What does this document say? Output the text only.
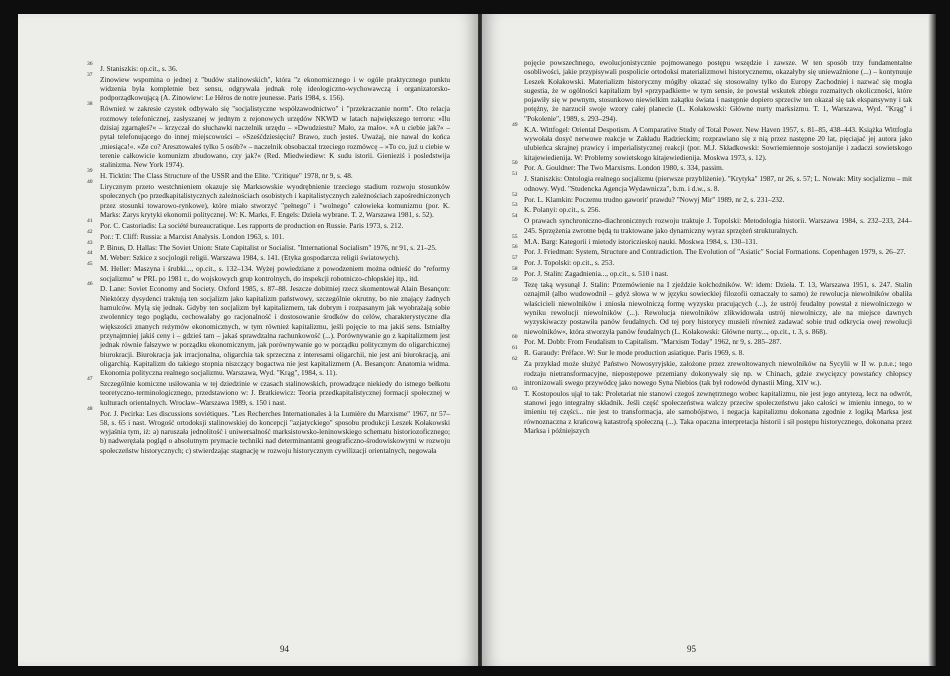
36 J. Staniszkis: op.cit., s. 36.
37 Zinowiew wspomina o jednej z "budów stalinowskich", która "z ekonomicznego i w ogóle praktycznego punktu widzenia była kompletnie bez sensu, odgrywała jednak rolę ideologiczno-wychowawczą i organizatorsko-podporządkowującą (A. Zinowiew: Le Héros de notre jeunesse. Paris 1984, s. 156).
38 Również w zakresie czystek odbywało się "socjalistyczne współzawodnictwo" i "przekraczanie norm". Oto relacja rozmowy telefonicznej, zasłyszanej w jednym z rejonowych urzędów NKWD w latach największego terroru: »Ilu dzisiaj zgarnąłeś?« – krzyczał do słuchawki naczelnik urzędu – »Dwudziestu? Mało, za mało«. »A u ciebie jak?« – pytał telefonującego do innej miejscowości – »Sześćdziesięciu? Brawo, zuch jesteś. Uważaj, nie nawal do końca ,miesiąca!«. »Ze co? Aresztowałeś tylko 5 osób?« – naczelnik obsobaczał trzeciego rozmówcę – »To co, już u ciebie w terenie całkowicie komunizm zbudowano, czy jak?« (Red. Miedwiediew: K sudu istorii. Gienieziś i posledstwija stalinizma. New York 1974).
39 H. Ticktin: The Class Structure of the USSR and the Elite. "Critique" 1978, nr 9, s. 48.
40 Lirycznym przeto westchnieniem okazuje się Marksowskie wyodrębnienie trzeciego stadium rozwoju stosunków społecznych (po przedkapitalistycznych zależnościach osobistych i kapitalistycznych zależnościach zapośredniczonych przez stosunki towarowo-rynkowe), które miało stworzyć "pełnego" i "wolnego" człowieka komunizmu (por. K. Marks: Zarys krytyki ekonomii politycznej. W: K. Marks, F. Engels: Dzieła wybrane. T. 2, Warszawa 1981, s. 52).
41 Por. C. Castoriadis: La société bureaucratique. Les rapports de production en Russie. Paris 1973, s. 212.
42 Por.: T. Cliff: Russia: a Marxist Analysis. London 1963, s. 101.
43 P. Binus, D. Hallas: The Soviet Union: State Capitalist or Socialist. "International Socialism" 1976, nr 91, s. 21–25.
44 M. Weber: Szkice z socjologii religii. Warszawa 1984, s. 141. (Etyka gospodarcza religii światowych).
45 M. Heller: Maszyna i śrubki..., op.cit., s. 132–134. Wyżej powiedziane z powodzeniem można odnieść do "reformy socjalizmu" w PRL po 1981 r., do wojskowych grup kontrolnych, do inspekcji robotniczo-chłopskiej itp., itd.
46 D. Lane: Soviet Economy and Society. Oxford 1985, s. 87–88. Jeszcze dobitniej rzecz skomentował Alain Besançon: Niektórzy dysydenci traktują ten socjalizm jako kapitalizm państwowy, szczególnie okrutny, bo nie znający żadnych hamulców. Mylą się jednak. Gdyby ten socjalizm był kapitalizmem, tak dobrym i rozpasanym jak wyobrażają sobie zwolennicy tego poglądu, cechowałaby go racjonalność i dostosowanie środków do celów, charakterystyczne dla większości znanych reżymów ekonomicznych, w tym również kapitalizmu, jeśli pojęcie to ma jakiś sens. Istniałby przynajmniej jakiś ceny i – gdzieś tam – jakaś sprawdzalna rachunkowość (...). Porównywanie go z kapitalizmem jest jednak równie fałszywe w porządku ekonomicznym, jak porównywanie go w porządku politycznym do oligarchicznej biurokracji. Biurokracja jak irracjonalna, oligarchia tak sprzeczna z interesami oligarchii, nie jest ani biurokracją, ani oligarchią. Kapitalizm do takiego stopnia niszczący bogactwa nie jest kapitalizmem (A. Besançon: Anatomia widma. Ekonomia polityczna realnego socjalizmu. Warszawa, Wyd. "Krąg", 1984, s. 11).
47 Szczególnie komiczne usiłowania w tej dziedzinie w czasach stalinowskich, prowadzące niekiedy do istnego bełkotu teoretyczno-terminologicznego, przedstawiono w: J. Bratkiewicz: Teoria przedkapitalistycznej formacji społecznej w kulturach orientalnych. Wrocław–Warszawa 1989, s. 150 i nast.
48 Por. J. Pecirka: Les discussions soviétiques. "Les Recherches Internationales à la Lumière du Marxisme" 1967, nr 57–58, s. 65 i nast. Wrogość ortodoksji stalinowskiej do koncepcji "azjatyckiego" sposobu produkcji Leszek Kołakowski wyjaśnia tym, iż: a) naruszała jednolitość i uniwersalność marksistowsko-leninowskiego schematu historiozoficznego; b) nadwerężała pogląd o absolutnym prymacie techniki nad determinantami geograficzno-środowiskowymi w rozwoju społeczeństw historycznych; c) stwierdzając stagnację w rozwoju historycznym cywilizacji orientalnych, negowała
94

pojęcie powszechnego, ewolucjonistycznie pojmowanego postępu wszędzie i zawsze. W ten sposób trzy fundamentalne osobliwości, jakie przypisywali pospolicie ortodoksi materializmowi historycznemu, okazałyby się uniewaźnione (...) – kontynuuje Leszek Kołakowski. Materializm historyczny mógłby okazać się stosowalny tylko do Europy Zachodniej i nazwać się mogła sugestia, że w ogólności kapitalizm był »przypadkiem« w tym sensie, że powstał wskutek zbiegu rozmaitych okoliczności, które pojawiły się w pewnym, stosunkowo niewielkim zakątku świata i następnie dopiero sprzeciw ten okazał się tak ekspansywny i tak potężny, że narzucił swoje wzory całej planecie (L. Kołakowski: Główne nurty marksizmu. T. 1, Warszawa, Wyd. "Krąg" i "Pokolenie", 1989, s. 293–294).

49 K.A. Wittfogel: Oriental Despotism. A Comparative Study of Total Power. New Haven 1957, s. 81–85, 438–443. Książka Wittfogla wywołała dosyć nerwowe reakcje w Zakładu Radzieckim; rozprawiano się z nią przez następne 20 lat, pięciajać jej autora jako ulubieńca skrajnej prawicy i imperialistycznej reakcji (por. M.J. Składkowski: Sowriemiennoje sostojanije i zadaczi sowietskogo kitajewiedienija. W: Problemy sowietskogo kitajewiedienija. Moskwa 1973, s. 12).
50 Por. A. Gouldner: The Two Marxisms. London 1980, s. 334, passim.
51 J. Staniszkis: Ontologia realnego socjalizmu (pierwsze przybliżenie). "Krytyka" 1987, nr 26, s. 57; L. Nowak: Mity socjalizmu – mit odnowy. Wyd. "Studencka Agencja Wydawnicza", b.m. i d.w., s. 8.
52 Por. L. Klamkin: Poczemu trudno gaworit' prawdu? "Nowyj Mir" 1989, nr 2, s. 231–232.
53 K. Polanyi: op.cit., s. 256.
54 O prawach synchroniczno-diachronicznych rozwoju traktuje J. Topolski: Metodologia historii. Warszawa 1984, s. 232–233, 244–245. Sprzężenia zwrotne będą tu traktowane jako dynamiczny wyraz sprzężeń strukturalnych.
55 M.A. Barg: Kategorii i mietody istoriczieskoj nauki. Moskwa 1984, s. 130–131.
56 Por. J. Friedman: System, Structure and Contradiction. The Evolution of "Asiatic" Social Formations. Copenhagen 1979, s. 26–27.
57 Por. J. Topolski: op.cit., s. 253.
58 Por. J. Stalin: Zagadnienia..., op.cit., s. 510 i nast.
59 Tezę taką wysunął J. Stalin: Przemówienie na I zjeździe kołchoźników. W: idem: Dzieła. T. 13, Warszawa 1951, s. 247. Stalin oznajmił (albo wudowodnił – gdyż słowa w w języku sowieckiej filozofii oznaczały to samo) że rewolucja niewolników obaliła właścicieli niewolników i zniosła niewolniczą formę wyzysku pracujących (...), że ustrój feudalny powstał z niewolniczego w wyniku rewolucji niewolników (...). Rewolucja niewolników zlikwidowała ustrój niewolniczy, ale na miejsce dawnych wyzyskiwaczy postawiła panów feudalnych. Od tej pory historycy musieli również zadawać sobie trud odkrycia owej rewolucji niewolników«, która stworzyła panów feudalnych (L. Kołakowski: Główne nurty..., op.cit., t. 3, s. 868).
60 Por. M. Dobb: From Feudalism to Capitalism. "Marxism Today" 1962, nr 9, s. 285–287.
61 R. Garaudy: Préface. W: Sur le mode production asiatique. Paris 1969, s. 8.
62 Za przykład może służyć Państwo Nowosyryjskie, założone przez zrewoltowanych niewolników na Sycylii w II w. p.n.e.; tego rodzaju nietransformacyjne, niepostępowe przemiany dokonywały się np. w Chinach, gdzie zwycięzcy powstańcy chłopscy intronizowali swego przywódcę jako nowego Syna Niebios (tak był rodowód dynastii Ming, XIV w.).
63 T. Kostopoulos ujął to tak: Proletariat nie stanowi czegoś zewnętrznego wobec kapitalizmu, nie jest jego antytezą, lecz na odwrót, stanowi jego integralny składnik. Jeśli część społeczeństwa walczy przeciw społeczeństwu jako całości w imieniu innego, to w imieniu tej części... nie jest to transformacja, ale samobójstwo, i negacja kapitalizmu dokonana zgodnie z logiką Marksa jest równoznaczna z krańcową katastrofą społeczną (...). Taka opaczna interpretacja historii i sił postępu historycznego, dokonana przez Marksa i późniejszych
95
